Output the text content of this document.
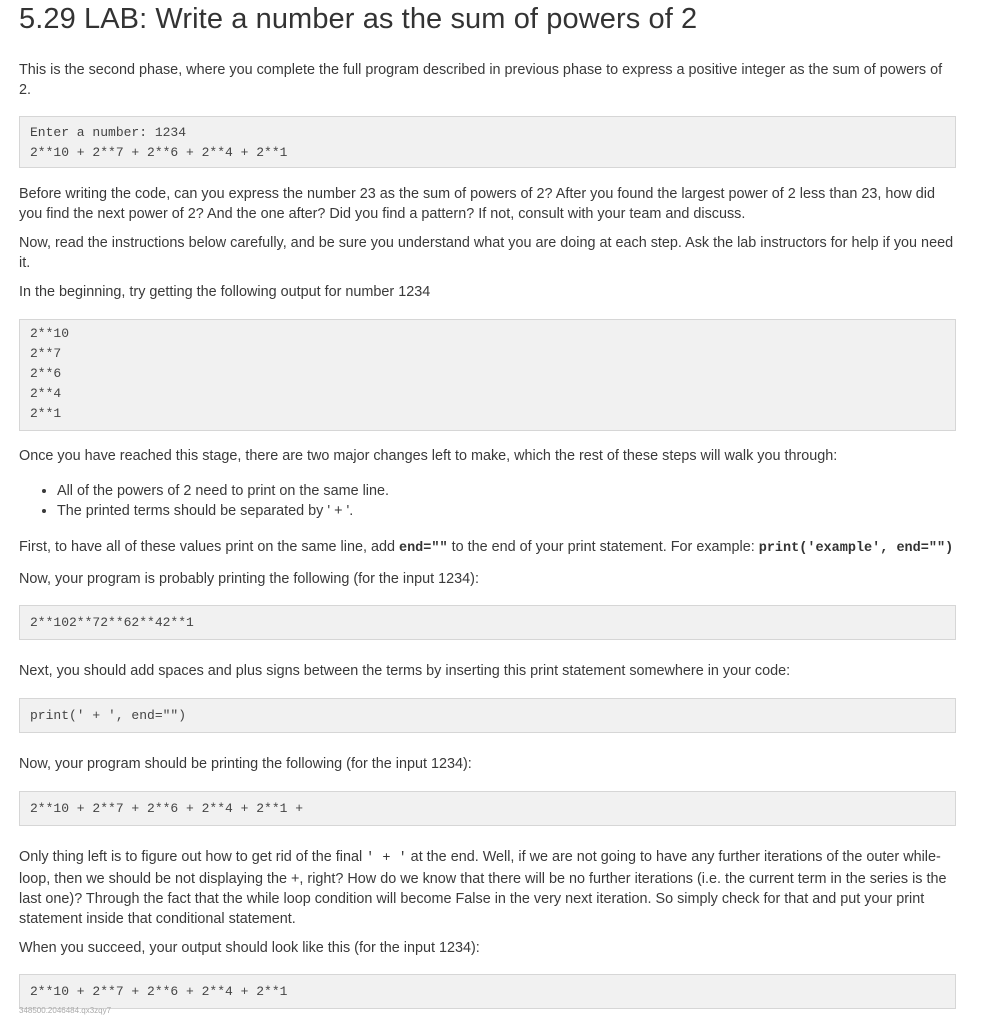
5.29 LAB: Write a number as the sum of powers of 2

This is the second phase, where you complete the full program described in previous phase to express a positive integer as the sum of powers of 2.

Enter a number: 1234
2**10 + 2**7 + 2**6 + 2**4 + 2**1

Before writing the code, can you express the number 23 as the sum of powers of 2? After you found the largest power of 2 less than 23, how did you find the next power of 2? And the one after? Did you find a pattern? If not, consult with your team and discuss.

Now, read the instructions below carefully, and be sure you understand what you are doing at each step. Ask the lab instructors for help if you need it.

In the beginning, try getting the following output for number 1234

2**10
2**7
2**6
2**4
2**1

Once you have reached this stage, there are two major changes left to make, which the rest of these steps will walk you through:

• All of the powers of 2 need to print on the same line.
• The printed terms should be separated by ' + '.

First, to have all of these values print on the same line, add end="" to the end of your print statement. For example: print('example', end="")

Now, your program is probably printing the following (for the input 1234):

2**102**72**62**42**1

Next, you should add spaces and plus signs between the terms by inserting this print statement somewhere in your code:

print(' + ', end="")

Now, your program should be printing the following (for the input 1234):

2**10 + 2**7 + 2**6 + 2**4 + 2**1 +

Only thing left is to figure out how to get rid of the final ' + ' at the end. Well, if we are not going to have any further iterations of the outer while-loop, then we should be not displaying the +, right? How do we know that there will be no further iterations (i.e. the current term in the series is the last one)? Through the fact that the while loop condition will become False in the very next iteration. So simply check for that and put your print statement inside that conditional statement.

When you succeed, your output should look like this (for the input 1234):

2**10 + 2**7 + 2**6 + 2**4 + 2**1
348500.2046484.qx3zqy7
